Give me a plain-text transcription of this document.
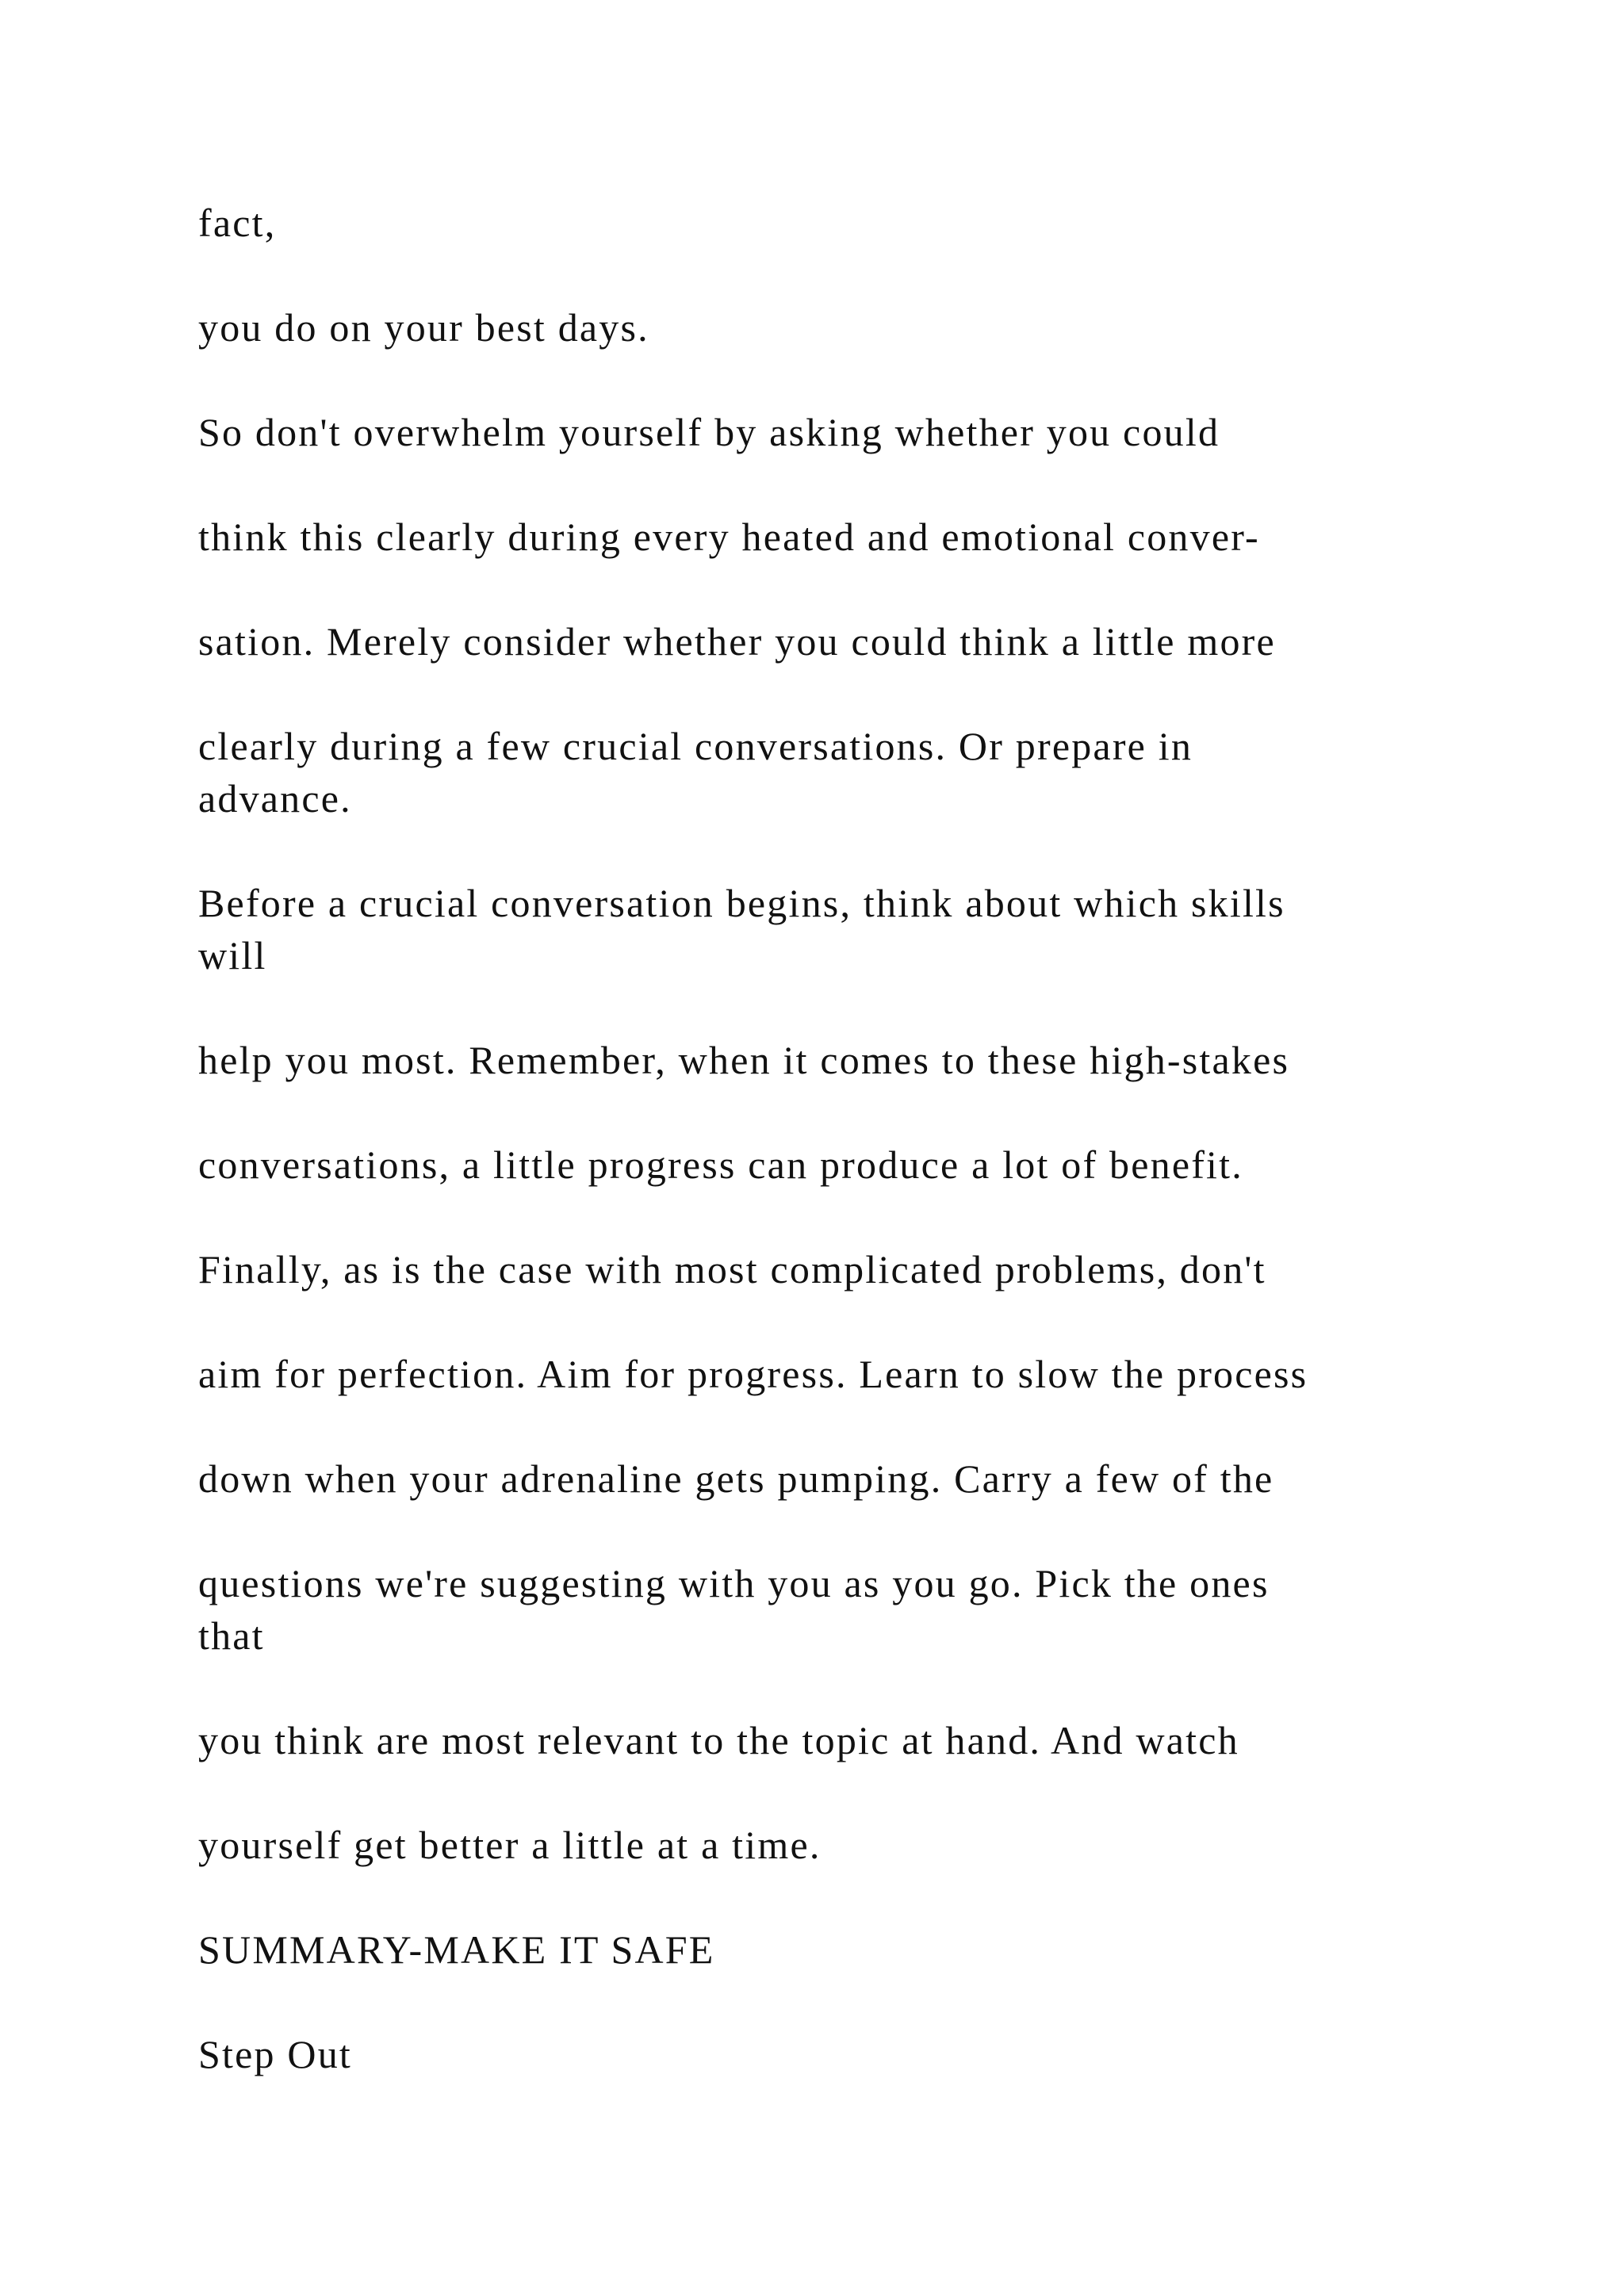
fact,

you do on your best days.

So don't overwhelm yourself by asking whether you could

think this clearly during every heated and emotional conver-

sation. Merely consider whether you could think a little more

clearly during a few crucial conversations. Or prepare in

advance.

Before a crucial conversation begins, think about which skills

will

help you most. Remember, when it comes to these high-stakes

conversations, a little progress can produce a lot of benefit.

Finally, as is the case with most complicated problems, don't

aim for perfection. Aim for progress. Learn to slow the process

down when your adrenaline gets pumping. Carry a few of the

questions we're suggesting with you as you go. Pick the ones

that

you think are most relevant to the topic at hand. And watch

yourself get better a little at a time.

SUMMARY-MAKE IT SAFE

Step Out
